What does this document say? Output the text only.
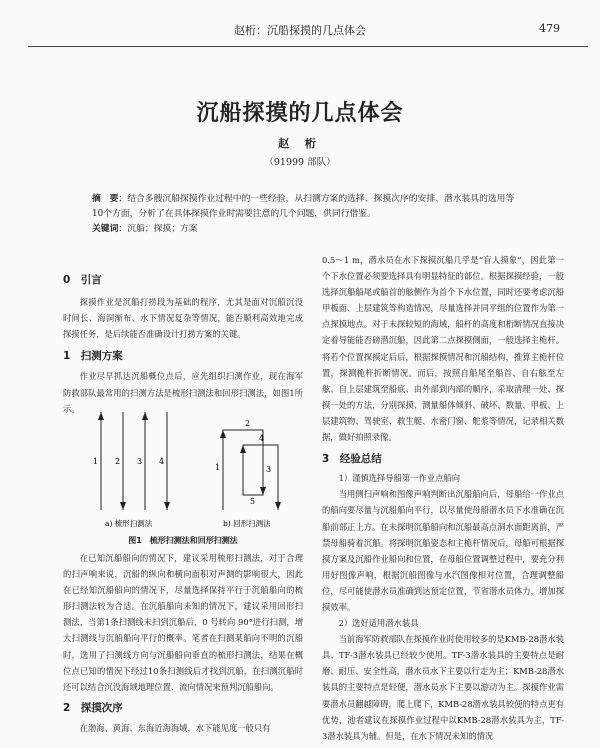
赵桁：沉船探摸的几点体会	479
沉船探摸的几点体会
赵 桁
（91999 部队）
摘　要：结合多艘沉船探摸作业过程中的一些经验，从扫测方案的选择、探摸次序的安排、潜水装具的选用等10个方面，分析了在具体探摸作业时需要注意的几个问题，供同行借鉴。
关键词：沉船；探摸；方案
0　引言

探摸作业是沉船打捞段为基础的程序，尤其是面对沉船沉没时间长、海洞渐布、水下情况复杂等情况，能否顺利高效地完成探摸任务，是后续能否准确设计打捞方案的关键。

1　扫测方案

作业尽早抓达沉船概位点后，应先组织扫测作业，现在海军防救部队最常用的扫测方法是梳形扫测法和回形扫测法，如图1所示。

1 2 3 4
1
2
3
4
5
a) 梳形扫测法	b) 回形扫测法
图1　梳形扫测法和回形扫测法

在已知沉船船向的情况下，建议采用梳形扫测法，对于合理的扫声响来说，沉船的纵向和横向面积对声测的影响很大，因此在已经知沉船船向的情况下，尽量选择保持平行于沉船船向的梳形扫测法较为合适。在沉船船向未知的情况下，建议采用回形扫测法，当第1条扫测线未扫到沉船后，0 号转向 90°进行扫测，增大扫测线与沉船船向平行的概率。笔者在扫测某船向不明的沉船时，选用了扫测线方向与沉船船向垂直的梳形扫测法，结果在概位点已知的情况下经过10条扫测线后才找到沉船，在扫测沉船时还可以结合沉没海域地理位置、流向情况来预判沉船船向。

2　探摸次序

在渤海、黄海、东海近海海域，水下能见度一般只有

0.5～1 m，潜水员在水下探摸沉船几乎是“盲人摸象”，因此第一个下水位置必须要选择具有明显特征的部位。根据探摸经验，一般选择沉船船尾或船首的舷侧作为首个下水位置，同时还要考虑沉船甲板面、上层建筑等构造情况，尽量选择并同平组的位置作为第一点探摸地点。对于未探较短的海域，船杆的高度和桁断情况直接决定着导能能否磅潜沉船，因此第二点探摸侧面，一般选择主桅杆。将若个位置探摸定后后，根据探摸情况和沉船结构，推算主桅杆位置，探测桅杆折断情况。而后，按照自船尾至船首、自右舷至左舷、自上层建筑至船底、由外部到内部的顺序，采取清理一处、探摸一处的方法，分别探摸、测量船体倾斜、破坏、数量、甲板、上层建筑物、驾驶室、救生艇、水密门窗、舵浆等情况，记录相关数据，做好拍照录像。

3　经验总结

1）谨慎选择导船第一作业点船向

当用侧扫声响和图像声响判断出沉船船向后，母船给一作业点的船向要尽量与沉船船向平行，以尽量使母船潜水员下水准确在沉船前部正上方。在未探明沉船船向和沉船最高点洞水面距离前，严禁母船骑着沉船。将探明沉船姿态和主桅杆情况后，母船可根据探摸方案及沉船作业船向和位置，在母船位置调整过程中，要充分利用好图像声响，根据沉船图像与水汽图像相对位置，合理调整船位，尽可能使潜水员准确到达预定位置，节省潜水员体力，增加探摸效率。

2）选好适用潜水装具

当前海军防救部队在探摸作业时使用较多的是KMB-28潜水装具、TF-3潜水装具已经较少使用。TF-3潜水装具的主要特点是耐磨、耐压、安全性高，潜水员水下主要以行走为主；KMB-28潜水装具的主要特点是轻便，潜水员水下主要以游动为主。探摸作业需要潜水员翻越障碍，爬上爬下，KMB-28潜水装具较便的特点更有优势，池者建议在探摸作业过程中以KMB-28潜水装具为主，TF-3潜水装具为辅。但是，在水下情况未知的情况
